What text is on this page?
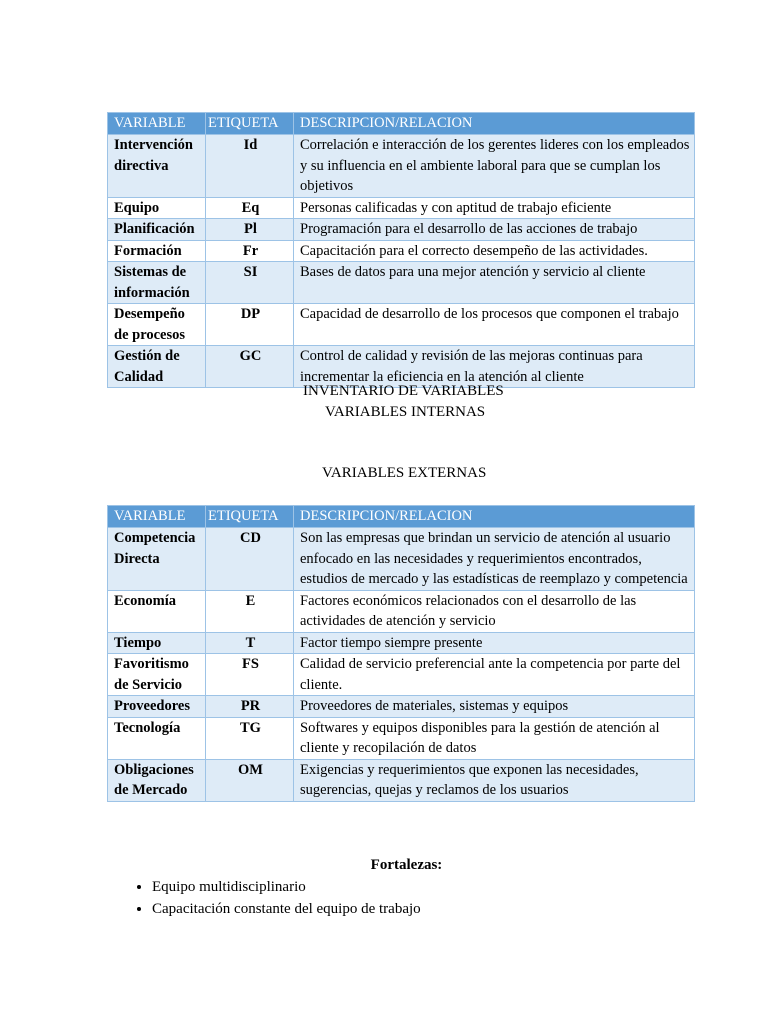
VARIABLE	ETIQUETA	DESCRIPCION/RELACION
Intervención directiva	Id	Correlación e interacción de los gerentes lideres con los empleados y su influencia en el ambiente laboral para que se cumplan los objetivos
Equipo	Eq	Personas calificadas y con aptitud de trabajo eficiente
Planificación	Pl	Programación para el desarrollo de las acciones de trabajo
Formación	Fr	Capacitación para el correcto desempeño de las actividades.
Sistemas de información	SI	Bases de datos para una mejor atención y servicio al cliente
Desempeño de procesos	DP	Capacidad de desarrollo de los procesos que componen el trabajo
Gestión de Calidad	GC	Control de calidad y revisión de las mejoras continuas para incrementar la eficiencia en la atención al cliente
INVENTARIO DE VARIABLES
VARIABLES INTERNAS
VARIABLES EXTERNAS
VARIABLE	ETIQUETA	DESCRIPCION/RELACION
Competencia Directa	CD	Son las empresas que brindan un servicio de atención al usuario enfocado en las necesidades y requerimientos encontrados, estudios de mercado y las estadísticas de reemplazo y competencia
Economía	E	Factores económicos relacionados con el desarrollo de las actividades de atención y servicio
Tiempo	T	Factor tiempo siempre presente
Favoritismo de Servicio	FS	Calidad de servicio preferencial ante la competencia por parte del cliente.
Proveedores	PR	Proveedores de materiales, sistemas y equipos
Tecnología	TG	Softwares y equipos disponibles para la gestión de atención al cliente y recopilación de datos
Obligaciones de Mercado	OM	Exigencias y requerimientos que exponen las necesidades, sugerencias, quejas y reclamos de los usuarios
Fortalezas:
• Equipo multidisciplinario
• Capacitación constante del equipo de trabajo
